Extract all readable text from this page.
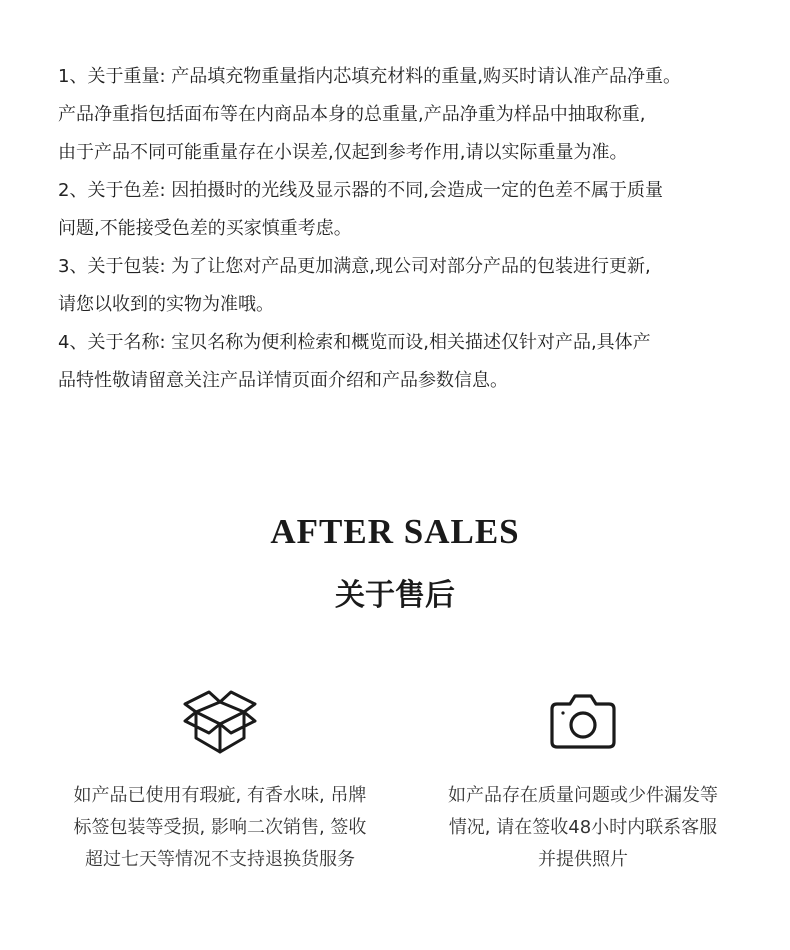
1、关于重量: 产品填充物重量指内芯填充材料的重量,购买时请认准产品净重。
产品净重指包括面布等在内商品本身的总重量,产品净重为样品中抽取称重,
由于产品不同可能重量存在小误差,仅起到参考作用,请以实际重量为准。
2、关于色差: 因拍摄时的光线及显示器的不同,会造成一定的色差不属于质量
问题,不能接受色差的买家慎重考虑。
3、关于包装: 为了让您对产品更加满意,现公司对部分产品的包装进行更新,
请您以收到的实物为准哦。
4、关于名称: 宝贝名称为便利检索和概览而设,相关描述仅针对产品,具体产
品特性敬请留意关注产品详情页面介绍和产品参数信息。
AFTER SALES
关于售后
如产品已使用有瑕疵, 有香水味, 吊牌
标签包装等受损, 影响二次销售, 签收
超过七天等情况不支持退换货服务
如产品存在质量问题或少件漏发等
情况, 请在签收48小时内联系客服
并提供照片
